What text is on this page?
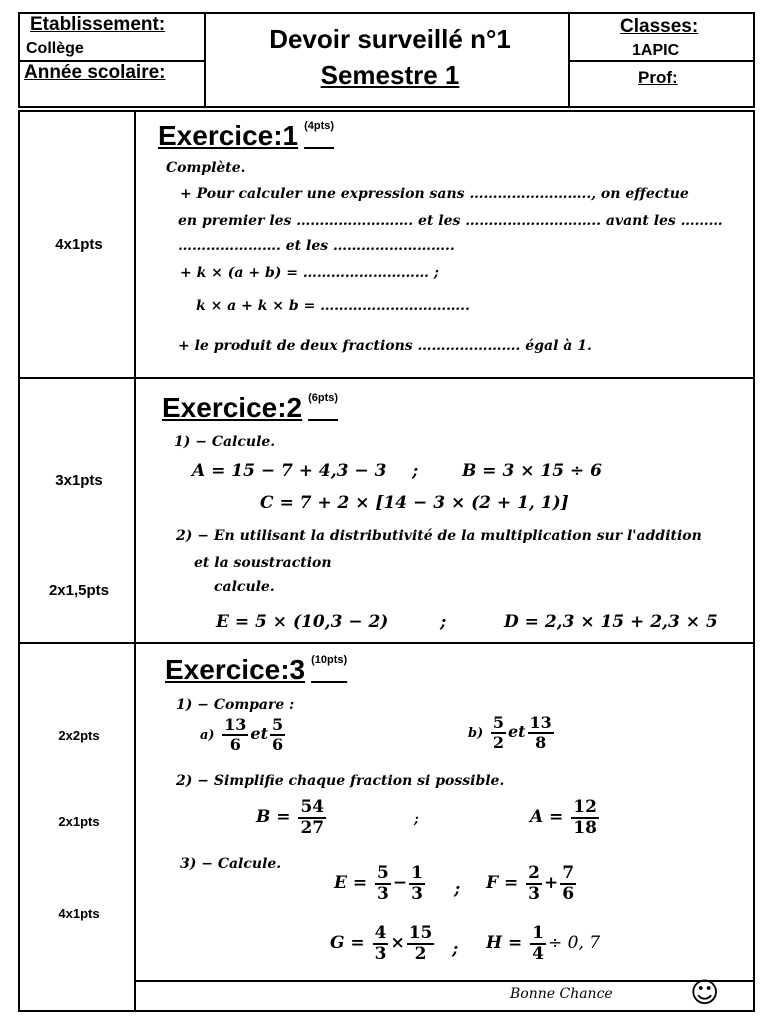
Etablissement:
Collège
Année scolaire:
Devoir surveillé n°1
Semestre 1
Classes:
1APIC
Prof:
Exercice:1 $^{(4pts)}$
4x1pts
Complète.
+ Pour calculer une expression sans …………………….., on effectue
en premier les ……………………. et les ……………………….. avant les ………
…………………. et les ……………………..
+ k × (a + b) = ……………………… ;
k × a + k × b = …………………………..
+ le produit de deux fractions …………………. égal à 1.
Exercice:2 $^{(6pts)}$
3x1pts
2x1,5pts
1) − Calcule.
A = 15 − 7 + 4,3 − 3 ;	B = 3 × 15 ÷ 6
C = 7 + 2 × [14 − 3 × (2 + 1, 1)]
2) − En utilisant la distributivité de la multiplication sur l'addition
et la soustraction
calcule.
E = 5 × (10,3 − 2)	;	D = 2,3 × 15 + 2,3 × 5
Exercice:3 $^{(10pts)}$
2x2pts
2x1pts
4x1pts
1) − Compare :
$a) \frac{13}{6}$ et $\frac{5}{6}$	$b) \frac{5}{2}$ et $\frac{13}{8}$
2) − Simplifie chaque fraction si possible.
$B = \frac{54}{27}$	;	$A = \frac{12}{18}$
3) − Calcule.
$E = \frac{5}{3} - \frac{1}{3}$ ; $F = \frac{2}{3} + \frac{7}{6}$
$G = \frac{4}{3} \times \frac{15}{2}$ ; $H = \frac{1}{4} \div 0$, 7
Bonne Chance	☺
